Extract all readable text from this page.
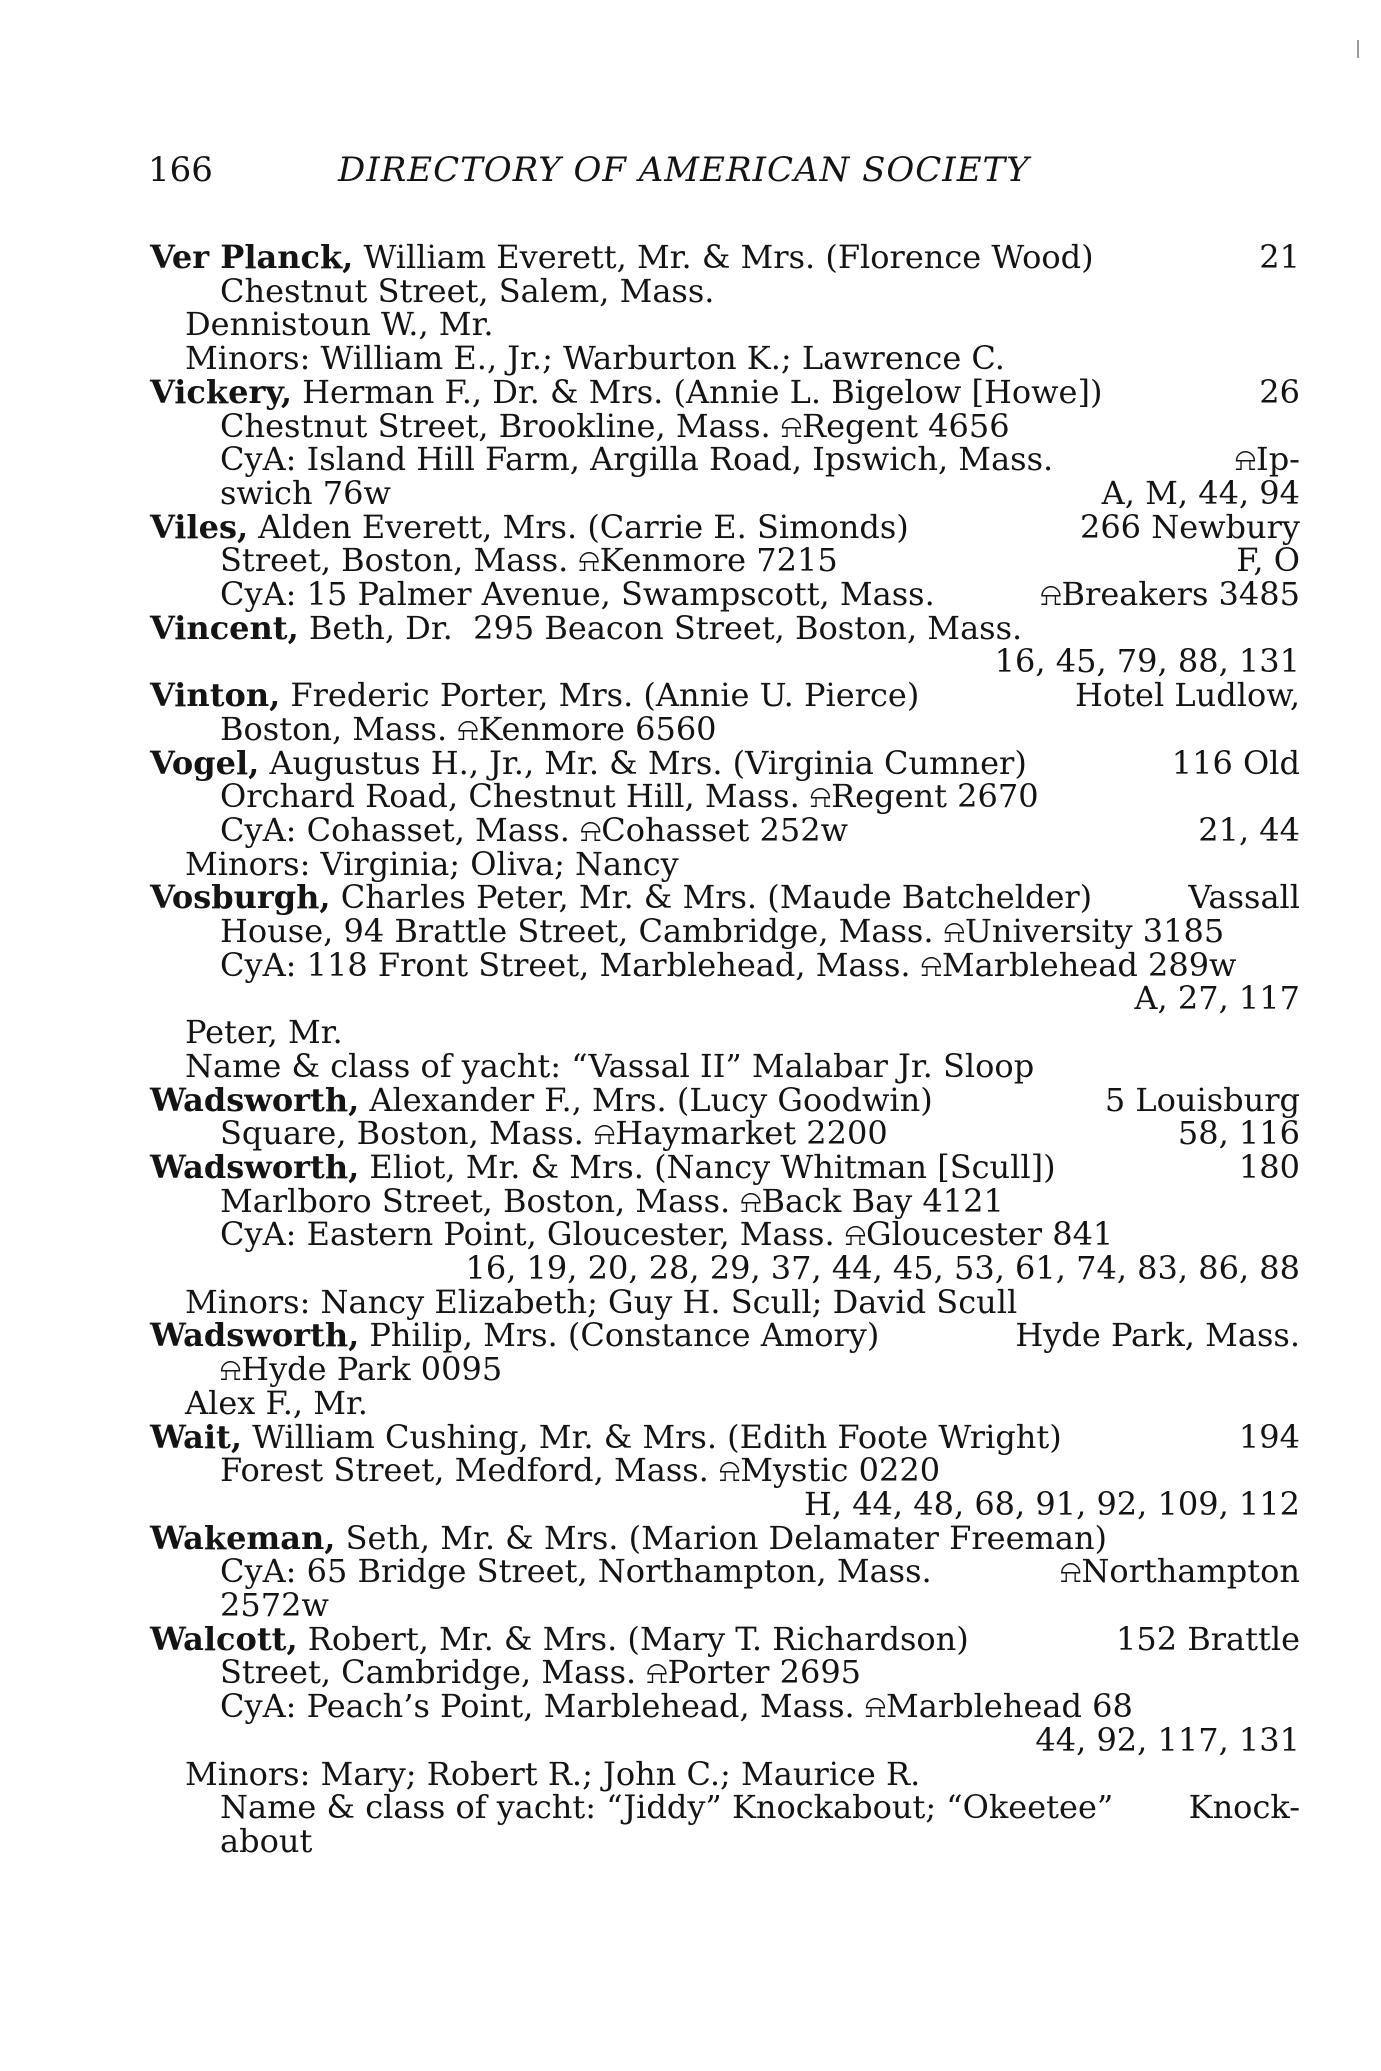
166	DIRECTORY OF AMERICAN SOCIETY
Ver Planck, William Everett, Mr. & Mrs. (Florence Wood)	21
Chestnut Street, Salem, Mass.
Dennistoun W., Mr.
Minors: William E., Jr.; Warburton K.; Lawrence C.
Vickery, Herman F., Dr. & Mrs. (Annie L. Bigelow [Howe])	26
Chestnut Street, Brookline, Mass. ⍾Regent 4656
CyA: Island Hill Farm, Argilla Road, Ipswich, Mass.	⍾Ip-
swich 76w	A, M, 44, 94
Viles, Alden Everett, Mrs. (Carrie E. Simonds)	266 Newbury
Street, Boston, Mass. ⍾Kenmore 7215	F, O
CyA: 15 Palmer Avenue, Swampscott, Mass.	⍾Breakers 3485
Vincent, Beth, Dr.  295 Beacon Street, Boston, Mass.
16, 45, 79, 88, 131
Vinton, Frederic Porter, Mrs. (Annie U. Pierce)	Hotel Ludlow,
Boston, Mass. ⍾Kenmore 6560
Vogel, Augustus H., Jr., Mr. & Mrs. (Virginia Cumner)	116 Old
Orchard Road, Chestnut Hill, Mass. ⍾Regent 2670
CyA: Cohasset, Mass. ⍾Cohasset 252w	21, 44
Minors: Virginia; Oliva; Nancy
Vosburgh, Charles Peter, Mr. & Mrs. (Maude Batchelder)	Vassall
House, 94 Brattle Street, Cambridge, Mass. ⍾University 3185
CyA: 118 Front Street, Marblehead, Mass. ⍾Marblehead 289w
A, 27, 117
Peter, Mr.
Name & class of yacht: “Vassal II” Malabar Jr. Sloop
Wadsworth, Alexander F., Mrs. (Lucy Goodwin)	5 Louisburg
Square, Boston, Mass. ⍾Haymarket 2200	58, 116
Wadsworth, Eliot, Mr. & Mrs. (Nancy Whitman [Scull])	180
Marlboro Street, Boston, Mass. ⍾Back Bay 4121
CyA: Eastern Point, Gloucester, Mass. ⍾Gloucester 841
16, 19, 20, 28, 29, 37, 44, 45, 53, 61, 74, 83, 86, 88
Minors: Nancy Elizabeth; Guy H. Scull; David Scull
Wadsworth, Philip, Mrs. (Constance Amory)	Hyde Park, Mass.
⍾Hyde Park 0095
Alex F., Mr.
Wait, William Cushing, Mr. & Mrs. (Edith Foote Wright)	194
Forest Street, Medford, Mass. ⍾Mystic 0220
H, 44, 48, 68, 91, 92, 109, 112
Wakeman, Seth, Mr. & Mrs. (Marion Delamater Freeman)
CyA: 65 Bridge Street, Northampton, Mass.	⍾Northampton
2572w
Walcott, Robert, Mr. & Mrs. (Mary T. Richardson)	152 Brattle
Street, Cambridge, Mass. ⍾Porter 2695
CyA: Peach’s Point, Marblehead, Mass. ⍾Marblehead 68
44, 92, 117, 131
Minors: Mary; Robert R.; John C.; Maurice R.
Name & class of yacht: “Jiddy” Knockabout; “Okeetee” Knock-
about
